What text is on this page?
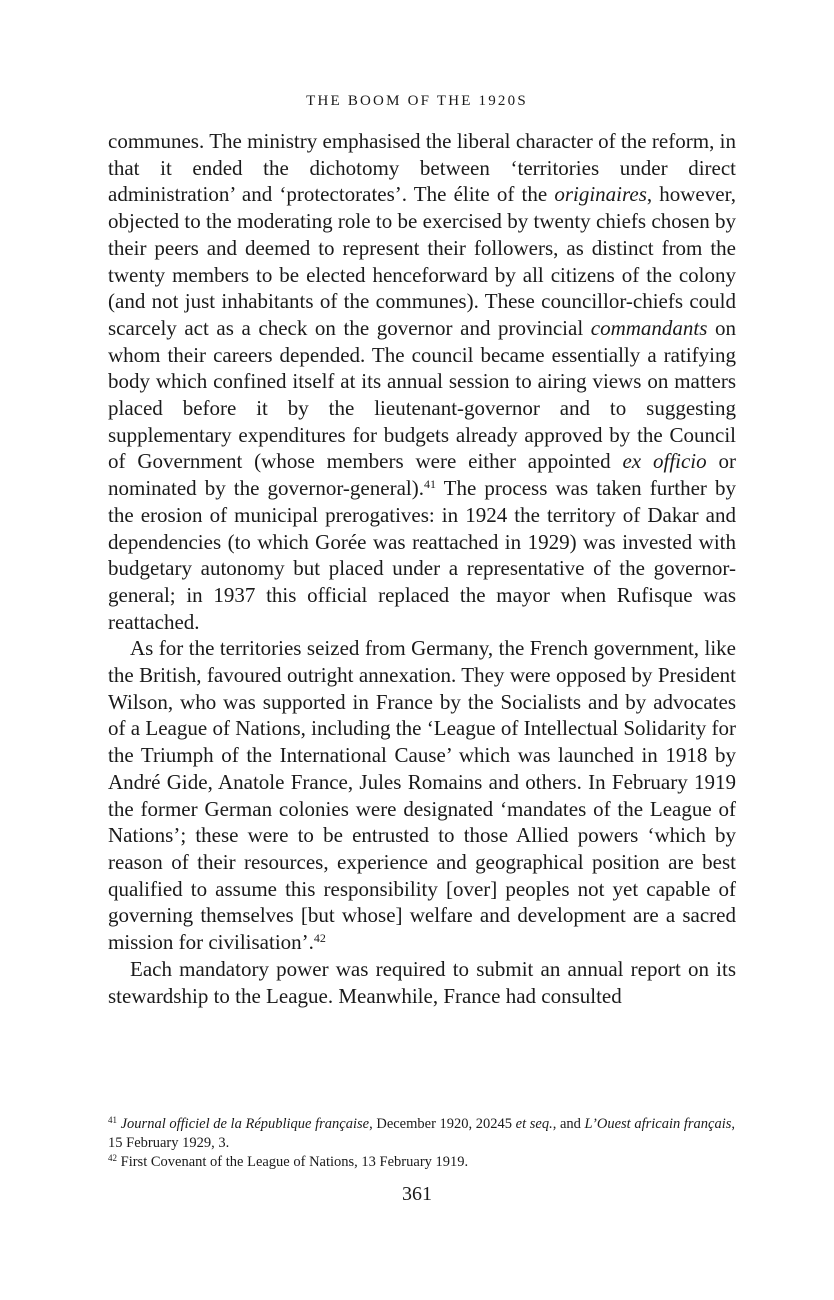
THE BOOM OF THE 1920S

communes. The ministry emphasised the liberal character of the reform, in that it ended the dichotomy between ‘territories under direct administration’ and ‘protectorates’. The élite of the originaires, however, objected to the moderating role to be exercised by twenty chiefs chosen by their peers and deemed to represent their followers, as distinct from the twenty members to be elected henceforward by all citizens of the colony (and not just inhabitants of the communes). These councillor-chiefs could scarcely act as a check on the governor and provincial commandants on whom their careers depended. The council became essentially a ratifying body which confined itself at its annual session to airing views on matters placed before it by the lieutenant-governor and to suggesting supplementary expenditures for budgets already approved by the Council of Government (whose members were either appointed ex officio or nominated by the governor-general).$^{41}$ The process was taken further by the erosion of municipal prerogatives: in 1924 the territory of Dakar and dependencies (to which Gorée was reattached in 1929) was invested with budgetary autonomy but placed under a representative of the governor-general; in 1937 this official replaced the mayor when Rufisque was reattached.

As for the territories seized from Germany, the French government, like the British, favoured outright annexation. They were opposed by President Wilson, who was supported in France by the Socialists and by advocates of a League of Nations, including the ‘League of Intellectual Solidarity for the Triumph of the International Cause’ which was launched in 1918 by André Gide, Anatole France, Jules Romains and others. In February 1919 the former German colonies were designated ‘mandates of the League of Nations’; these were to be entrusted to those Allied powers ‘which by reason of their resources, experience and geographical position are best qualified to assume this responsibility [over] peoples not yet capable of governing themselves [but whose] welfare and development are a sacred mission for civilisation’.$^{42}$

Each mandatory power was required to submit an annual report on its stewardship to the League. Meanwhile, France had consulted

$^{41}$ Journal officiel de la République française, December 1920, 20245 et seq., and L’Ouest africain français, 15 February 1929, 3.

$^{42}$ First Covenant of the League of Nations, 13 February 1919.

361
